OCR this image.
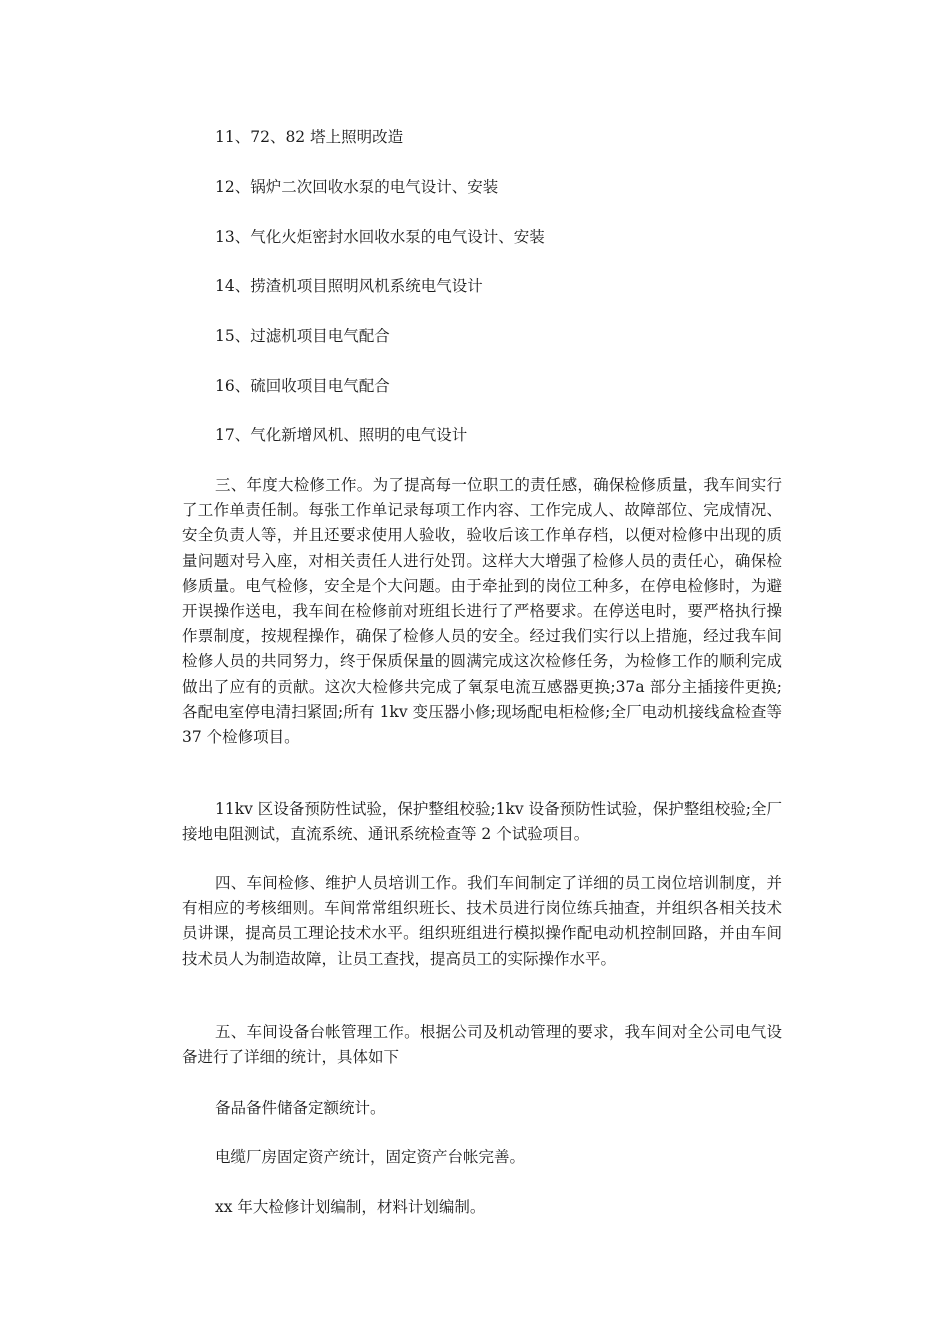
11、72、82 塔上照明改造
12、锅炉二次回收水泵的电气设计、安装
13、气化火炬密封水回收水泵的电气设计、安装
14、捞渣机项目照明风机系统电气设计
15、过滤机项目电气配合
16、硫回收项目电气配合
17、气化新增风机、照明的电气设计

三、年度大检修工作。为了提高每一位职工的责任感，确保检修质量，我车间实行了工作单责任制。每张工作单记录每项工作内容、工作完成人、故障部位、完成情况、安全负责人等，并且还要求使用人验收，验收后该工作单存档，以便对检修中出现的质量问题对号入座，对相关责任人进行处罚。这样大大增强了检修人员的责任心，确保检修质量。电气检修，安全是个大问题。由于牵扯到的岗位工种多，在停电检修时，为避开误操作送电，我车间在检修前对班组长进行了严格要求。在停送电时，要严格执行操作票制度，按规程操作，确保了检修人员的安全。经过我们实行以上措施，经过我车间检修人员的共同努力，终于保质保量的圆满完成这次检修任务，为检修工作的顺利完成做出了应有的贡献。这次大检修共完成了氧泵电流互感器更换;37a 部分主插接件更换;各配电室停电清扫紧固;所有 1kv 变压器小修;现场配电柜检修;全厂电动机接线盒检查等 37 个检修项目。

11kv 区设备预防性试验，保护整组校验;1kv 设备预防性试验，保护整组校验;全厂接地电阻测试，直流系统、通讯系统检查等 2 个试验项目。

四、车间检修、维护人员培训工作。我们车间制定了详细的员工岗位培训制度，并有相应的考核细则。车间常常组织班长、技术员进行岗位练兵抽查，并组织各相关技术员讲课，提高员工理论技术水平。组织班组进行模拟操作配电动机控制回路，并由车间技术员人为制造故障，让员工查找，提高员工的实际操作水平。

五、车间设备台帐管理工作。根据公司及机动管理的要求，我车间对全公司电气设备进行了详细的统计，具体如下

备品备件储备定额统计。
电缆厂房固定资产统计，固定资产台帐完善。
xx 年大检修计划编制，材料计划编制。
